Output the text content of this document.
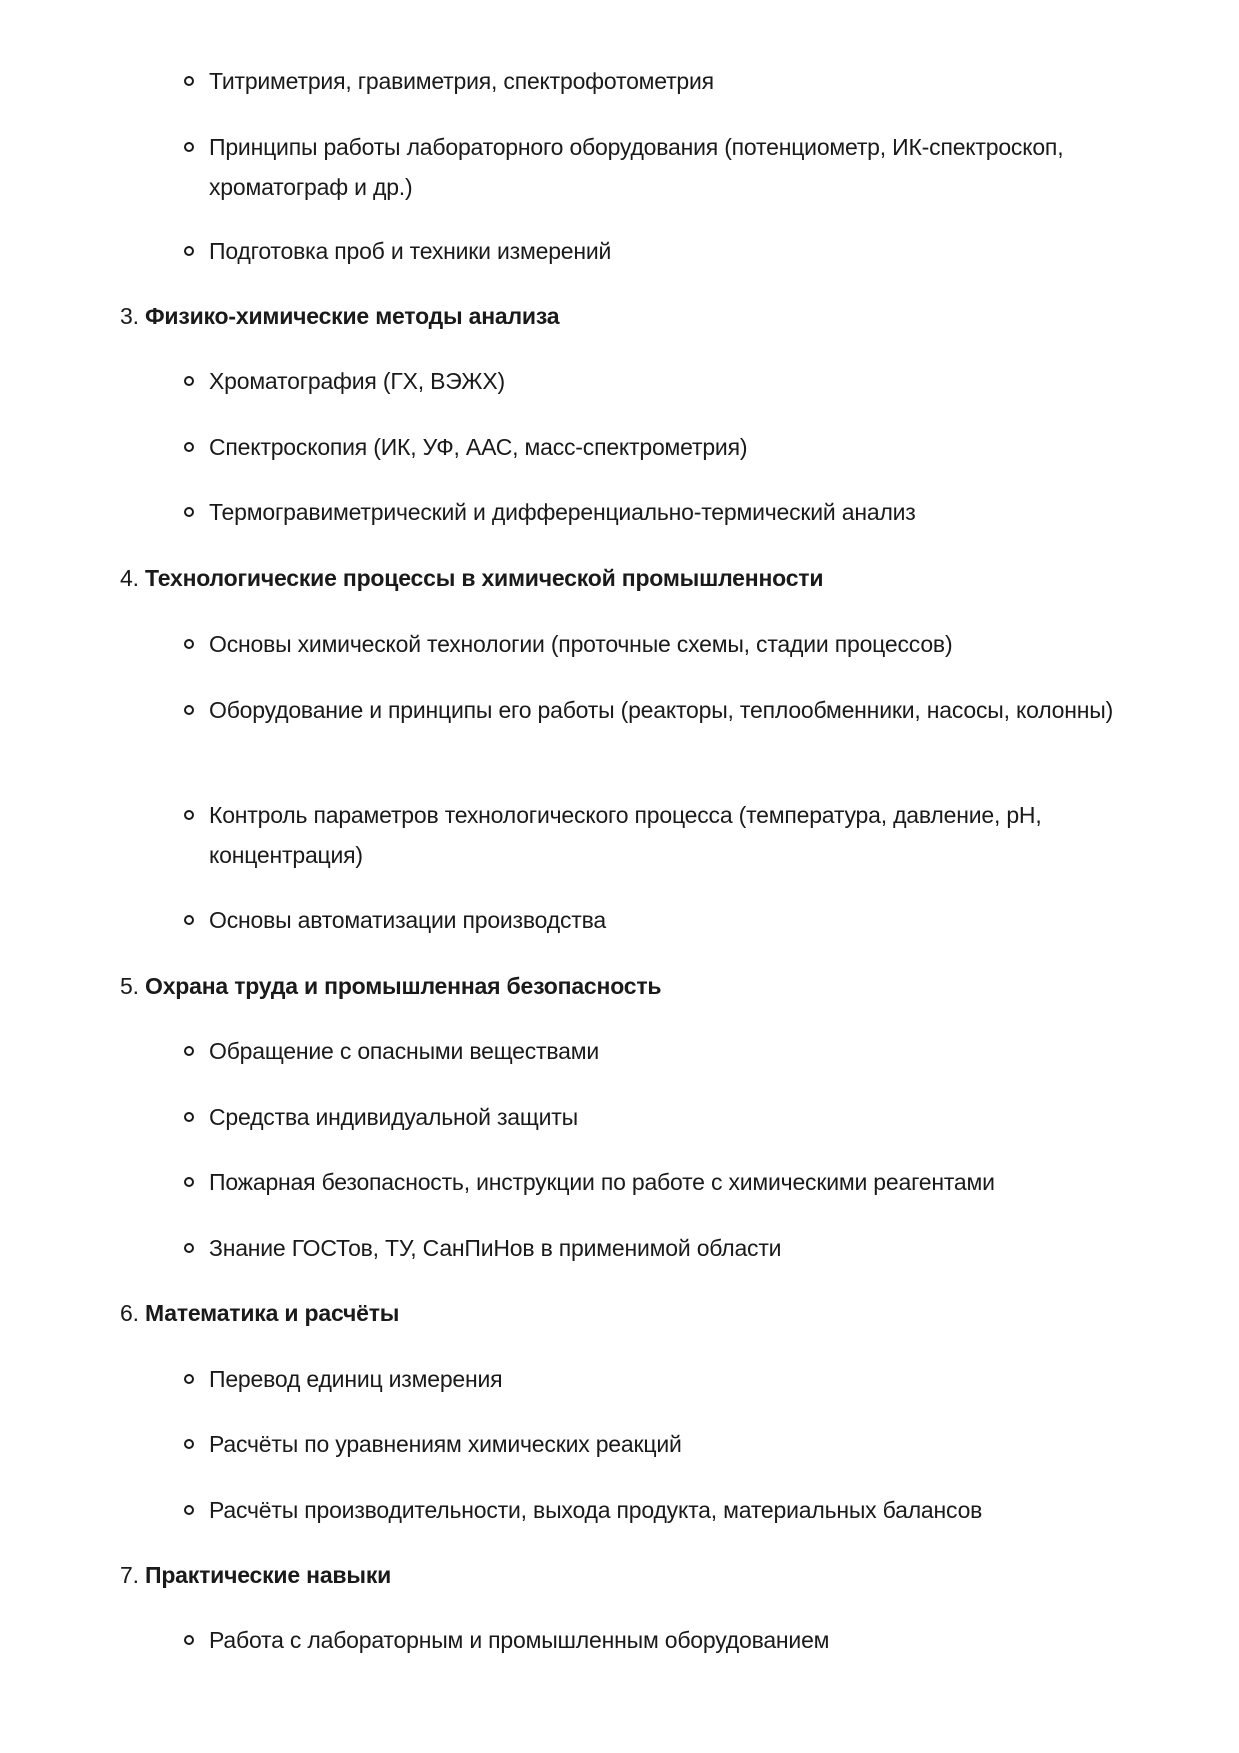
Титриметрия, гравиметрия, спектрофотометрия
Принципы работы лабораторного оборудования (потенциометр, ИК-спектроскоп, хроматограф и др.)
Подготовка проб и техники измерений
3. Физико-химические методы анализа
Хроматография (ГХ, ВЭЖХ)
Спектроскопия (ИК, УФ, ААС, масс-спектрометрия)
Термогравиметрический и дифференциально-термический анализ
4. Технологические процессы в химической промышленности
Основы химической технологии (проточные схемы, стадии процессов)
Оборудование и принципы его работы (реакторы, теплообменники, насосы, колонны)
Контроль параметров технологического процесса (температура, давление, pH, концентрация)
Основы автоматизации производства
5. Охрана труда и промышленная безопасность
Обращение с опасными веществами
Средства индивидуальной защиты
Пожарная безопасность, инструкции по работе с химическими реагентами
Знание ГОСТов, ТУ, СанПиНов в применимой области
6. Математика и расчёты
Перевод единиц измерения
Расчёты по уравнениям химических реакций
Расчёты производительности, выхода продукта, материальных балансов
7. Практические навыки
Работа с лабораторным и промышленным оборудованием
